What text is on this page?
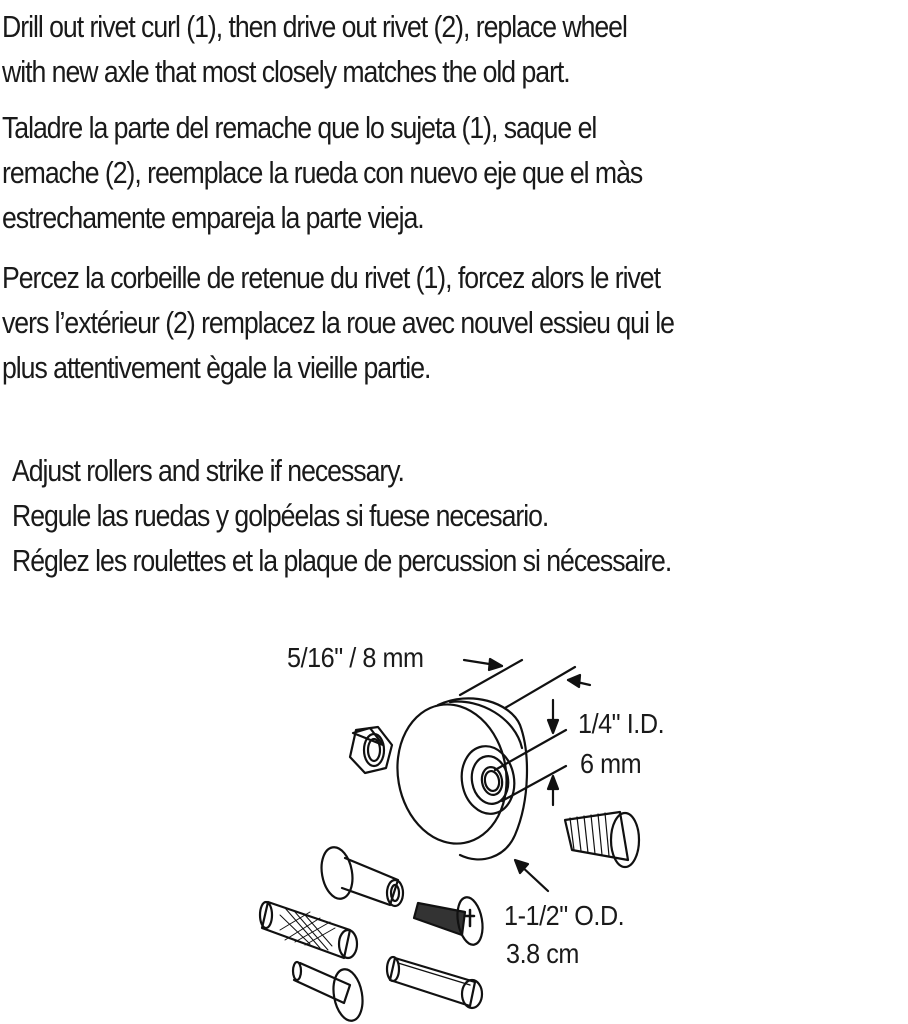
Drill out rivet curl (1), then drive out rivet (2), replace wheel
with new axle that most closely matches the old part.
Taladre la parte del remache que lo sujeta (1), saque el
remache (2), reemplace la rueda con nuevo eje que el màs
estrechamente empareja la parte vieja.
Percez la corbeille de retenue du rivet (1), forcez alors le rivet
vers l’extérieur (2) remplacez la roue avec nouvel essieu qui le
plus attentivement ègale la vieille partie.
Adjust rollers and strike if necessary.
Regule las ruedas y golpéelas si fuese necesario.
Réglez les roulettes et la plaque de percussion si nécessaire.
5/16" / 8 mm
1/4" I.D.
6 mm
1-1/2" O.D.
3.8 cm
